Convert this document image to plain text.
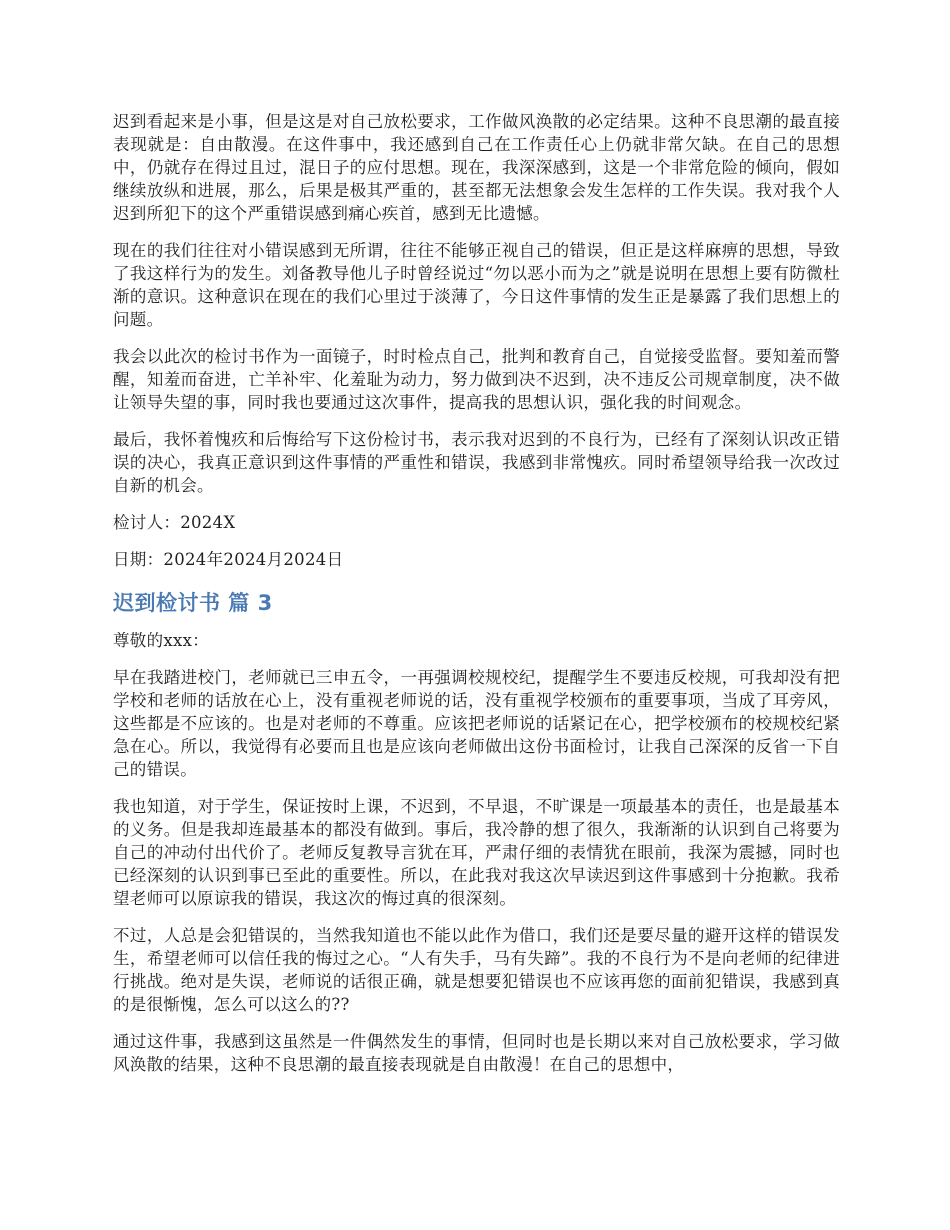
迟到看起来是小事，但是这是对自己放松要求，工作做风涣散的必定结果。这种不良思潮的最直接表现就是：自由散漫。在这件事中，我还感到自己在工作责任心上仍就非常欠缺。在自己的思想中，仍就存在得过且过，混日子的应付思想。现在，我深深感到，这是一个非常危险的倾向，假如继续放纵和进展，那么，后果是极其严重的，甚至都无法想象会发生怎样的工作失误。我对我个人迟到所犯下的这个严重错误感到痛心疾首，感到无比遗憾。

现在的我们往往对小错误感到无所谓，往往不能够正视自己的错误，但正是这样麻痹的思想，导致了我这样行为的发生。刘备教导他儿子时曾经说过“勿以恶小而为之”就是说明在思想上要有防微杜渐的意识。这种意识在现在的我们心里过于淡薄了，今日这件事情的发生正是暴露了我们思想上的问题。

我会以此次的检讨书作为一面镜子，时时检点自己，批判和教育自己，自觉接受监督。要知羞而警醒，知羞而奋进，亡羊补牢、化羞耻为动力，努力做到决不迟到，决不违反公司规章制度，决不做让领导失望的事，同时我也要通过这次事件，提高我的思想认识，强化我的时间观念。

最后，我怀着愧疚和后悔给写下这份检讨书，表示我对迟到的不良行为，已经有了深刻认识改正错误的决心，我真正意识到这件事情的严重性和错误，我感到非常愧疚。同时希望领导给我一次改过自新的机会。

检讨人：2024X

日期：2024年2024月2024日

迟到检讨书 篇 3

尊敬的xxx：

早在我踏进校门，老师就已三申五令，一再强调校规校纪，提醒学生不要违反校规，可我却没有把学校和老师的话放在心上，没有重视老师说的话，没有重视学校颁布的重要事项，当成了耳旁风，这些都是不应该的。也是对老师的不尊重。应该把老师说的话紧记在心，把学校颁布的校规校纪紧急在心。所以，我觉得有必要而且也是应该向老师做出这份书面检讨，让我自己深深的反省一下自己的错误。

我也知道，对于学生，保证按时上课，不迟到，不早退，不旷课是一项最基本的责任，也是最基本的义务。但是我却连最基本的都没有做到。事后，我冷静的想了很久，我渐渐的认识到自己将要为自己的冲动付出代价了。老师反复教导言犹在耳，严肃仔细的表情犹在眼前，我深为震撼，同时也已经深刻的认识到事已至此的重要性。所以，在此我对我这次早读迟到这件事感到十分抱歉。我希望老师可以原谅我的错误，我这次的悔过真的很深刻。

不过，人总是会犯错误的，当然我知道也不能以此作为借口，我们还是要尽量的避开这样的错误发生，希望老师可以信任我的悔过之心。“人有失手，马有失蹄”。我的不良行为不是向老师的纪律进行挑战。绝对是失误，老师说的话很正确，就是想要犯错误也不应该再您的面前犯错误，我感到真的是很惭愧，怎么可以这么的??

通过这件事，我感到这虽然是一件偶然发生的事情，但同时也是长期以来对自己放松要求，学习做风涣散的结果，这种不良思潮的最直接表现就是自由散漫！在自己的思想中，
